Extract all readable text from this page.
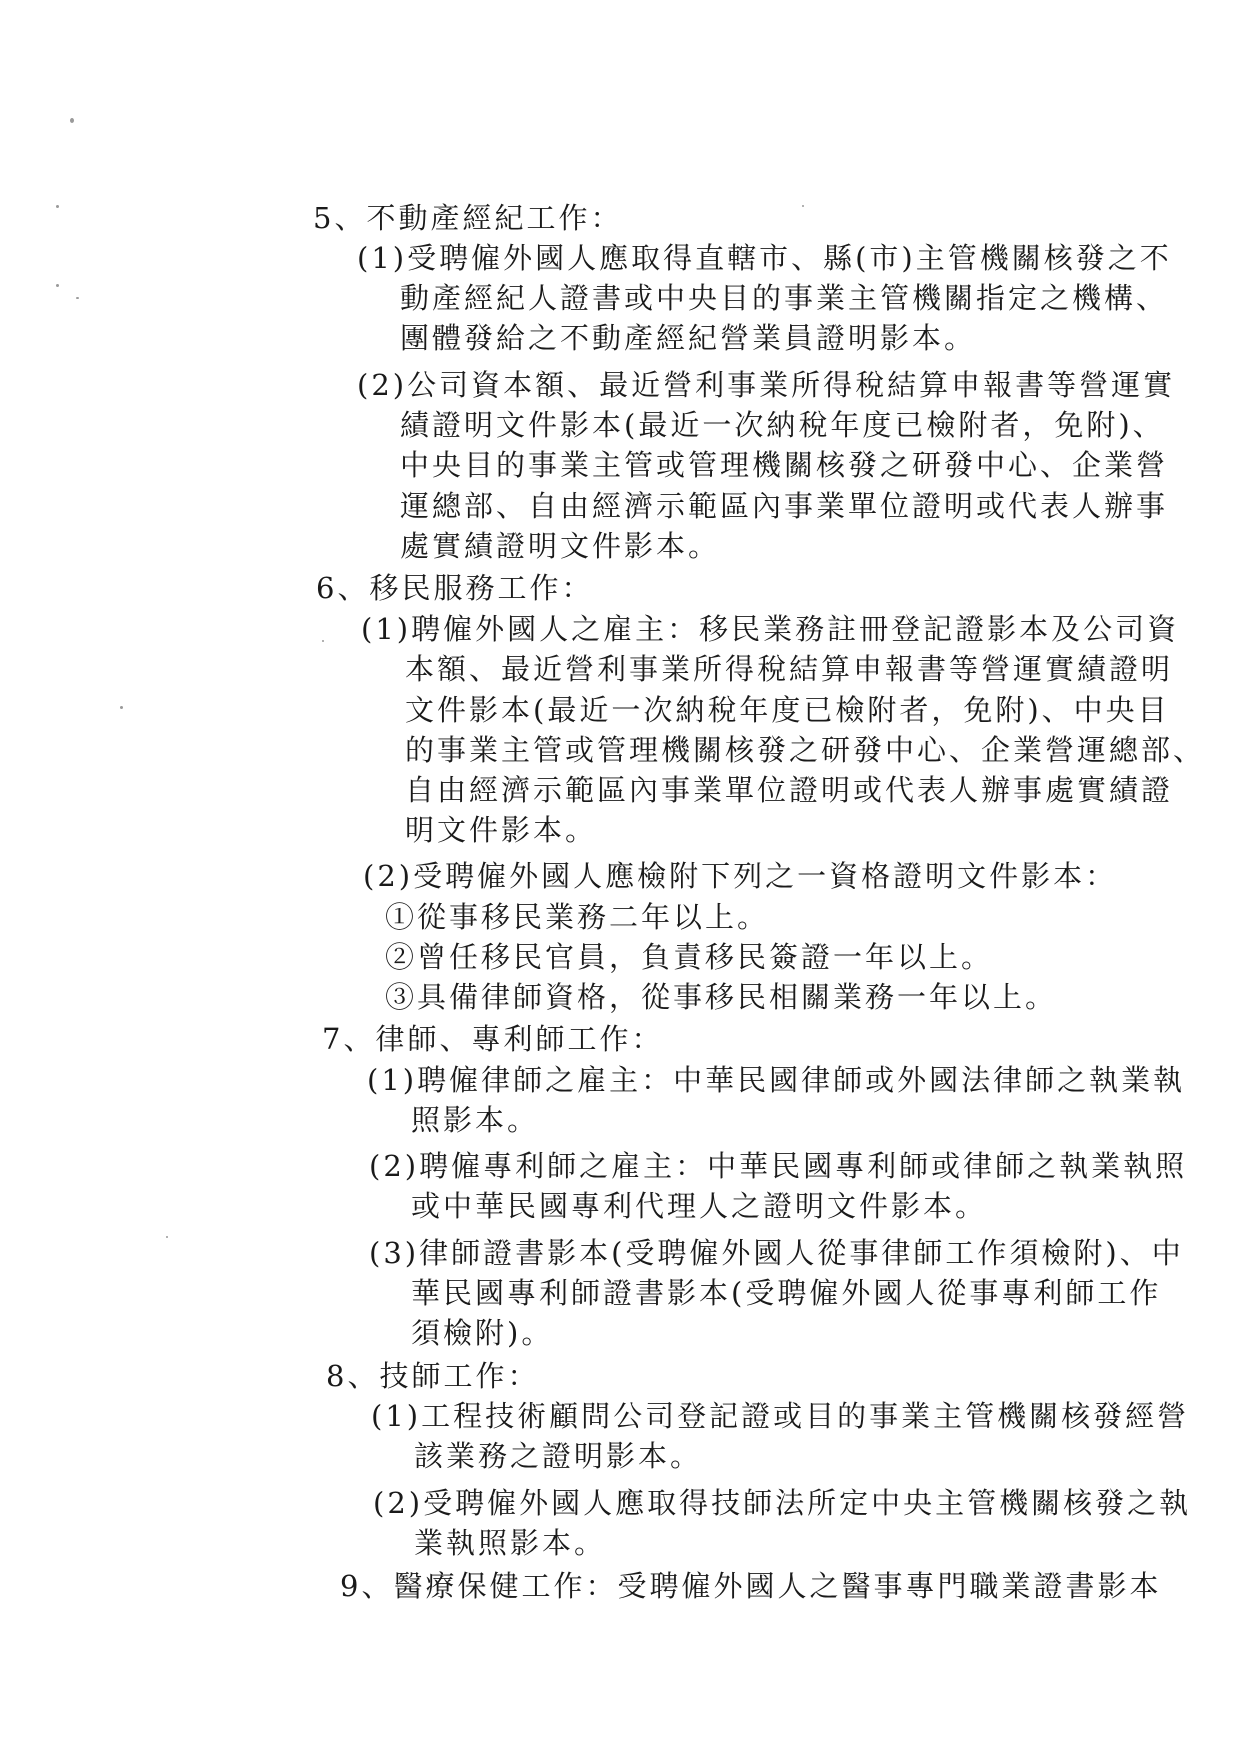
5、不動產經紀工作：
(1)受聘僱外國人應取得直轄市、縣(市)主管機關核發之不
動產經紀人證書或中央目的事業主管機關指定之機構、
團體發給之不動產經紀營業員證明影本。
(2)公司資本額、最近營利事業所得稅結算申報書等營運實
績證明文件影本(最近一次納稅年度已檢附者，免附)、
中央目的事業主管或管理機關核發之研發中心、企業營
運總部、自由經濟示範區內事業單位證明或代表人辦事
處實績證明文件影本。
6、移民服務工作：
(1)聘僱外國人之雇主：移民業務註冊登記證影本及公司資
本額、最近營利事業所得稅結算申報書等營運實績證明
文件影本(最近一次納稅年度已檢附者，免附)、中央目
的事業主管或管理機關核發之研發中心、企業營運總部、
自由經濟示範區內事業單位證明或代表人辦事處實績證
明文件影本。
(2)受聘僱外國人應檢附下列之一資格證明文件影本：
①從事移民業務二年以上。
②曾任移民官員，負責移民簽證一年以上。
③具備律師資格，從事移民相關業務一年以上。
7、律師、專利師工作：
(1)聘僱律師之雇主：中華民國律師或外國法律師之執業執
照影本。
(2)聘僱專利師之雇主：中華民國專利師或律師之執業執照
或中華民國專利代理人之證明文件影本。
(3)律師證書影本(受聘僱外國人從事律師工作須檢附)、中
華民國專利師證書影本(受聘僱外國人從事專利師工作
須檢附)。
8、技師工作：
(1)工程技術顧問公司登記證或目的事業主管機關核發經營
該業務之證明影本。
(2)受聘僱外國人應取得技師法所定中央主管機關核發之執
業執照影本。
9、醫療保健工作：受聘僱外國人之醫事專門職業證書影本
